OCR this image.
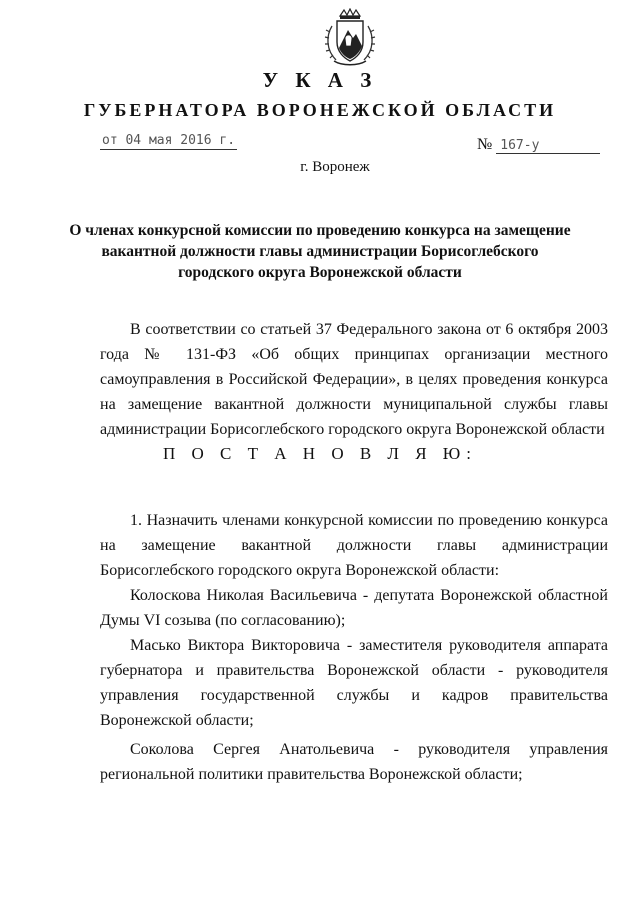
У К А З
ГУБЕРНАТОРА ВОРОНЕЖСКОЙ ОБЛАСТИ
от 04 мая 2016 г.	№ 167-у
г. Воронеж
О членах конкурсной комиссии по проведению конкурса на замещение
вакантной должности главы администрации Борисоглебского
городского округа Воронежской области
В соответствии со статьей 37 Федерального закона от 6 октября 2003 года № 131-ФЗ «Об общих принципах организации местного самоуправления в Российской Федерации», в целях проведения конкурса на замещение вакантной должности муниципальной службы главы администрации Борисоглебского городского округа Воронежской области
П О С Т А Н О В Л Я Ю:
1. Назначить членами конкурсной комиссии по проведению конкурса на замещение вакантной должности главы администрации Борисоглебского городского округа Воронежской области:
Колоскова Николая Васильевича - депутата Воронежской областной Думы VI созыва (по согласованию);
Масько Виктора Викторовича - заместителя руководителя аппарата губернатора и правительства Воронежской области - руководителя управления государственной службы и кадров правительства Воронежской области;
Соколова Сергея Анатольевича - руководителя управления региональной политики правительства Воронежской области;
